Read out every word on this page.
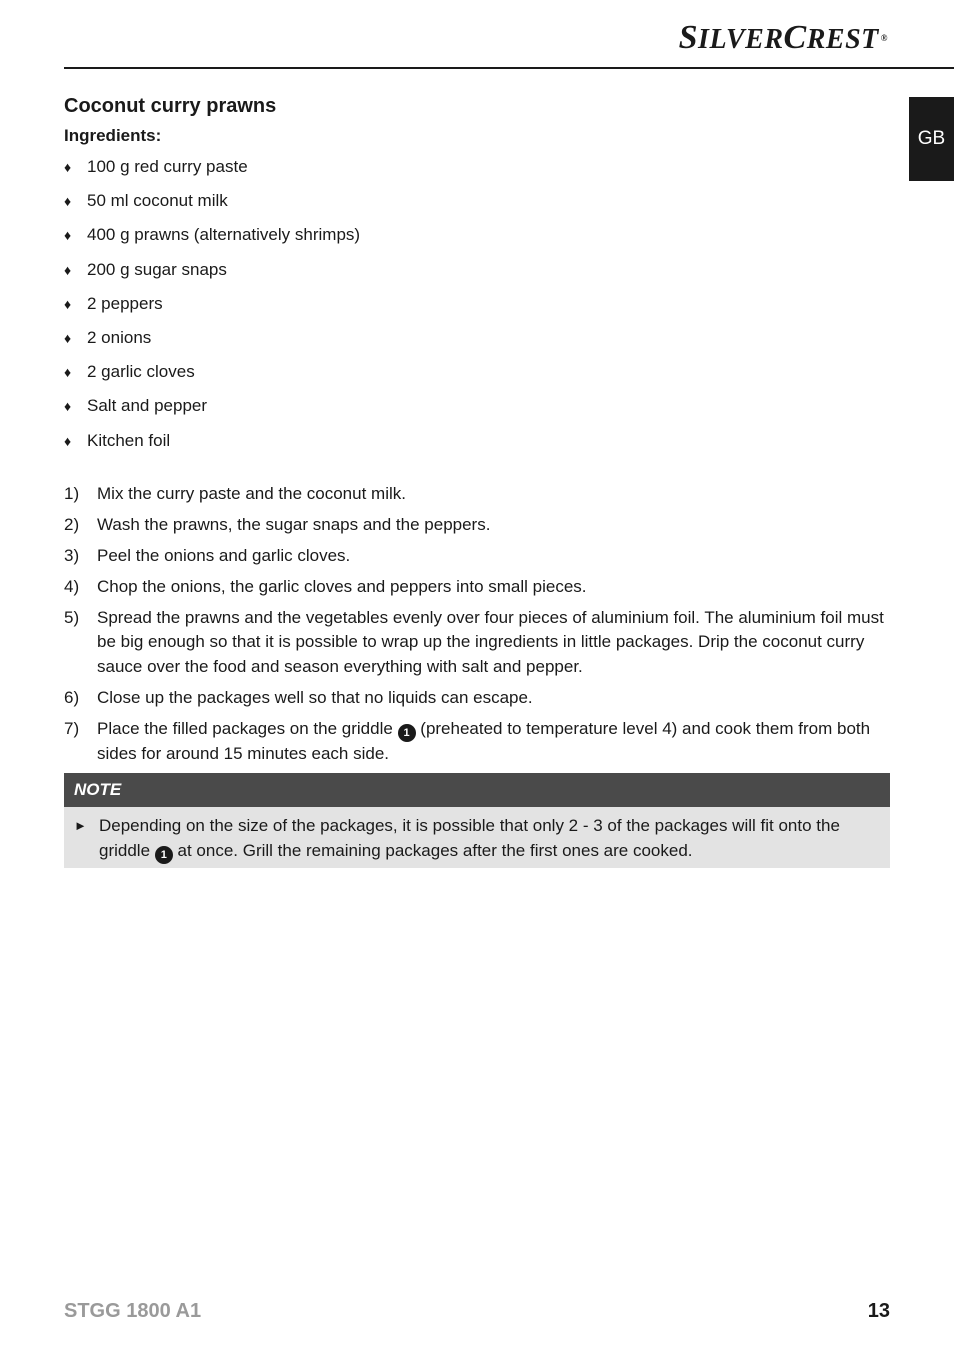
SILVERCREST ®
GB
Coconut curry prawns
Ingredients:
♦ 100 g red curry paste
♦ 50 ml coconut milk
♦ 400 g prawns (alternatively shrimps)
♦ 200 g sugar snaps
♦ 2 peppers
♦ 2 onions
♦ 2 garlic cloves
♦ Salt and pepper
♦ Kitchen foil
1)	Mix the curry paste and the coconut milk.
2)	Wash the prawns, the sugar snaps and the peppers.
3)	Peel the onions and garlic cloves.
4)	Chop the onions, the garlic cloves and peppers into small pieces.
5)	Spread the prawns and the vegetables evenly over four pieces of aluminium foil. The aluminium foil must be big enough so that it is possible to wrap up the ingredients in little packages. Drip the coconut curry sauce over the food and season everything with salt and pepper.
6)	Close up the packages well so that no liquids can escape.
7)	Place the filled packages on the griddle 1 (preheated to temperature level 4) and cook them from both sides for around 15 minutes each side.
NOTE
► Depending on the size of the packages, it is possible that only 2 - 3 of the packages will fit onto the griddle 1 at once. Grill the remaining packages after the first ones are cooked.
STGG 1800 A1	13
